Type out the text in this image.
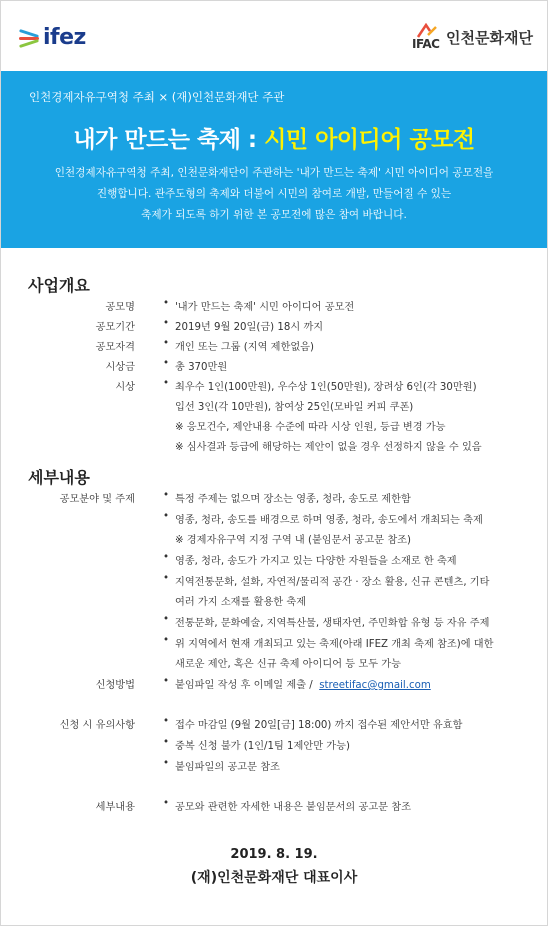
ifez	IFAC 인천문화재단
인천경제자유구역청 주최 × (재)인천문화재단 주관
내가 만드는 축제 : 시민 아이디어 공모전
인천경제자유구역청 주최, 인천문화재단이 주관하는 '내가 만드는 축제' 시민 아이디어 공모전을
진행합니다. 관주도형의 축제와 더불어 시민의 참여로 개발, 만들어질 수 있는
축제가 되도록 하기 위한 본 공모전에 많은 참여 바랍니다.
사업개요
공모명	• '내가 만드는 축제' 시민 아이디어 공모전
공모기간	• 2019년 9월 20일(금) 18시 까지
공모자격	• 개인 또는 그룹 (지역 제한없음)
시상금	• 총 370만원
시상	• 최우수 1인(100만원), 우수상 1인(50만원), 장려상 6인(각 30만원)
입선 3인(각 10만원), 참여상 25인(모바일 커피 쿠폰)
※ 응모건수, 제안내용 수준에 따라 시상 인원, 등급 변경 가능
※ 심사결과 등급에 해당하는 제안이 없을 경우 선정하지 않을 수 있음
세부내용
공모분야 및 주제	• 특정 주제는 없으며 장소는 영종, 청라, 송도로 제한함
• 영종, 청라, 송도를 배경으로 하며 영종, 청라, 송도에서 개최되는 축제
※ 경제자유구역 지정 구역 내 (붙임문서 공고문 참조)
• 영종, 청라, 송도가 가지고 있는 다양한 자원들을 소재로 한 축제
• 지역전통문화, 설화, 자연적/물리적 공간 · 장소 활용, 신규 콘텐츠, 기타
여러 가지 소재를 활용한 축제
• 전통문화, 문화예술, 지역특산물, 생태자연, 주민화합 유형 등 자유 주제
• 위 지역에서 현재 개최되고 있는 축제(아래 IFEZ 개최 축제 참조)에 대한
새로운 제안, 혹은 신규 축제 아이디어 등 모두 가능
신청방법	• 붙임파일 작성 후 이메일 제출 / streetifac@gmail.com
신청 시 유의사항	• 접수 마감일 (9월 20일[금] 18:00) 까지 접수된 제안서만 유효함
• 중복 신청 불가 (1인/1팀 1제안만 가능)
• 붙임파일의 공고문 참조
세부내용	• 공모와 관련한 자세한 내용은 붙임문서의 공고문 참조
2019. 8. 19.
(재)인천문화재단 대표이사
